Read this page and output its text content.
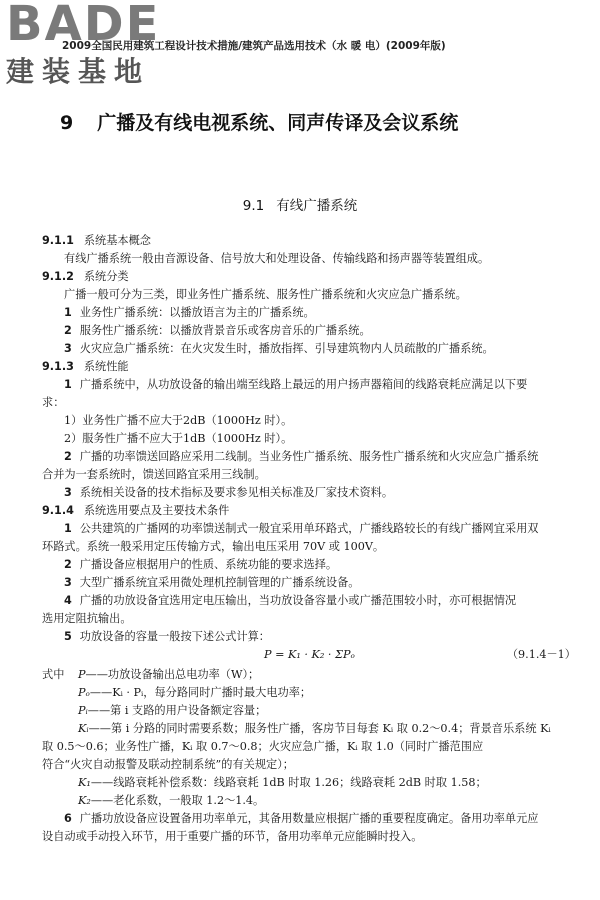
BADE
建装基地
2009全国民用建筑工程设计技术措施/建筑产品选用技术（水 暖 电）(2009年版)
9 广播及有线电视系统、同声传译及会议系统
9.1 有线广播系统

9.1.1 系统基本概念

有线广播系统一般由音源设备、信号放大和处理设备、传输线路和扬声器等装置组成。

9.1.2 系统分类

广播一般可分为三类，即业务性广播系统、服务性广播系统和火灾应急广播系统。

1 业务性广播系统：以播放语言为主的广播系统。

2 服务性广播系统：以播放背景音乐或客房音乐的广播系统。

3 火灾应急广播系统：在火灾发生时，播放指挥、引导建筑物内人员疏散的广播系统。

9.1.3 系统性能

1 广播系统中，从功放设备的输出端至线路上最远的用户扬声器箱间的线路衰耗应满足以下要

求：

1）业务性广播不应大于2dB（1000Hz 时）。

2）服务性广播不应大于1dB（1000Hz 时）。

2 广播的功率馈送回路应采用二线制。当业务性广播系统、服务性广播系统和火灾应急广播系统

合并为一套系统时，馈送回路宜采用三线制。

3 系统相关设备的技术指标及要求参见相关标准及厂家技术资料。

9.1.4 系统选用要点及主要技术条件

1 公共建筑的广播网的功率馈送制式一般宜采用单环路式，广播线路较长的有线广播网宜采用双

环路式。系统一般采用定压传输方式，输出电压采用 70V 或 100V。

2 广播设备应根据用户的性质、系统功能的要求选择。

3 大型广播系统宜采用微处理机控制管理的广播系统设备。

4 广播的功放设备宜选用定电压输出，当功放设备容量小或广播范围较小时，亦可根据情况

选用定阻抗输出。

5 功放设备的容量一般按下述公式计算：

P = K₁ · K₂ · ΣPₒ	（9.1.4－1）

式中 P——功放设备输出总电功率（W）；

Pₒ——Kᵢ · Pᵢ，每分路同时广播时最大电功率；

Pᵢ——第 i 支路的用户设备额定容量；

Kᵢ——第 i 分路的同时需要系数；服务性广播，客房节目每套 Kᵢ 取 0.2～0.4；背景音乐系统 Kᵢ

取 0.5～0.6；业务性广播，Kᵢ 取 0.7～0.8；火灾应急广播，Kᵢ 取 1.0（同时广播范围应

符合“火灾自动报警及联动控制系统”的有关规定）；

K₁——线路衰耗补偿系数：线路衰耗 1dB 时取 1.26；线路衰耗 2dB 时取 1.58；

K₂——老化系数，一般取 1.2～1.4。

6 广播功放设备应设置备用功率单元，其备用数量应根据广播的重要程度确定。备用功率单元应

设自动或手动投入环节，用于重要广播的环节，备用功率单元应能瞬时投入。
